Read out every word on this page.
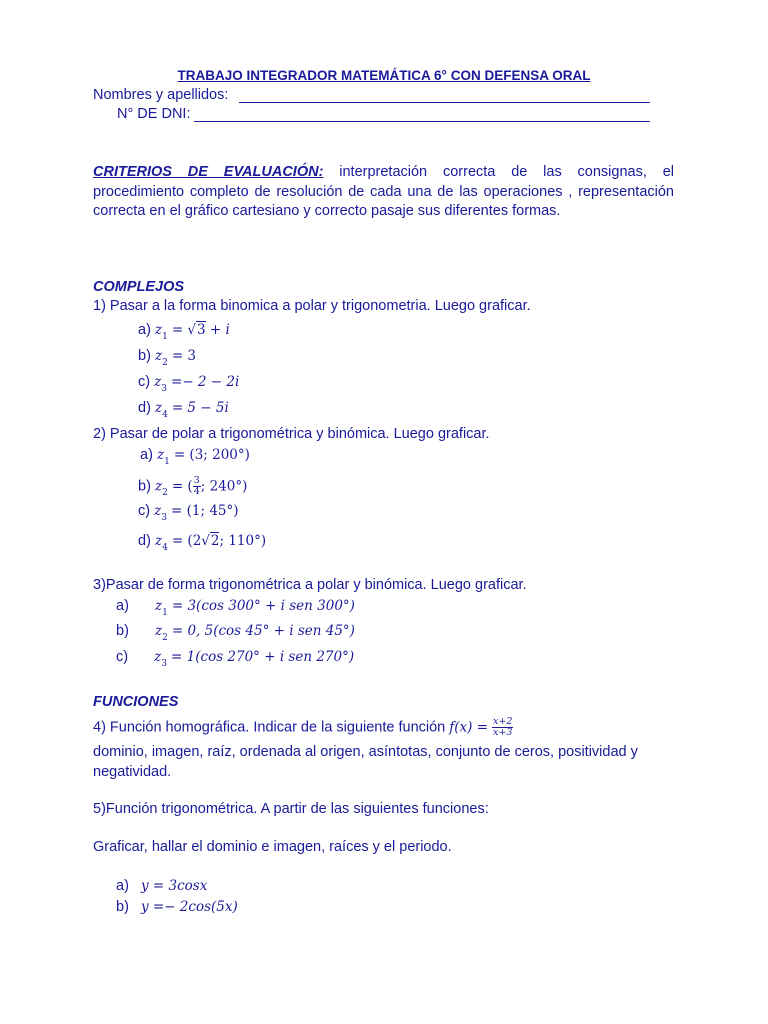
TRABAJO INTEGRADOR MATEMÁTICA 6° CON DEFENSA ORAL
Nombres y apellidos:
N° DE DNI:
CRITERIOS DE EVALUACIÓN: interpretación correcta de las consignas, el procedimiento completo de resolución de cada una de las operaciones , representación correcta en el gráfico cartesiano y correcto pasaje sus diferentes formas.
COMPLEJOS
1) Pasar a la forma binomica a polar y trigonometria. Luego graficar.
a) $z_1 = √3 + i$
b) $z_2 = 3$
c) $z_3 =- 2 - 2i$
d) $z_4 = 5 - 5i$
2) Pasar de polar a trigonométrica y binómica. Luego graficar.
a) $z_1 = (3$; 200°)
b) $z_2$ = ( $\frac{3}{4}$ ; 240°)
c) $z_3 = (1$; 45°)
d) $z_4 = (2√2$; 110°)
3)Pasar de forma trigonométrica a polar y binómica. Luego graficar.
a) $z_1 = 3(\cos$ 300° + i sen 300°)
b) $z_2 = 0$, 5(cos 45° + i sen 45°)
c) $z_3 = 1(\cos$ 270° + i sen 270°)
FUNCIONES
4) Función homográfica. Indicar de la siguiente función $f(x) = \frac{x+2}{x+3}$
dominio, imagen, raíz, ordenada al origen, asíntotas, conjunto de ceros, positividad y negatividad.
5)Función trigonométrica. A partir de las siguientes funciones:
Graficar, hallar el dominio e imagen, raíces y el periodo.
a) y = 3cosx
b) y =− 2cos(5x)
